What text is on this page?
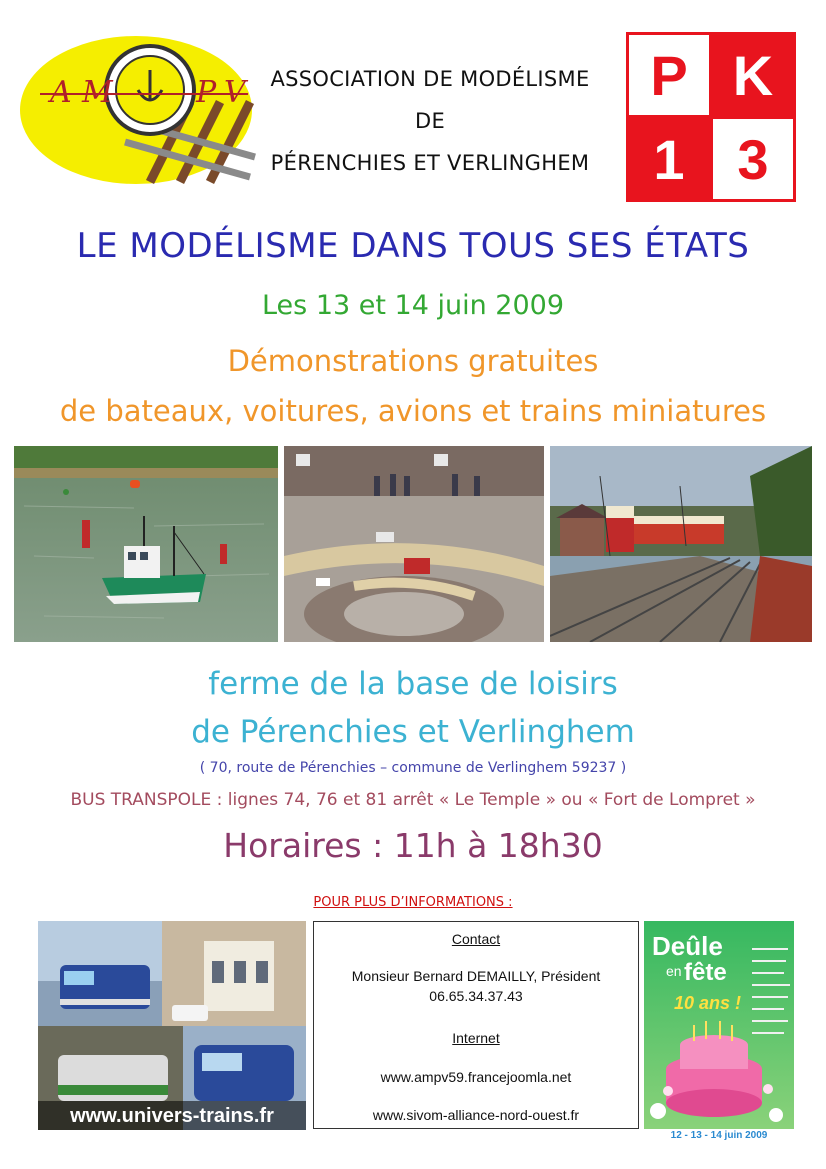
A M	P V	ASSOCIATION DE MODÉLISME
DE
PÉRENCHIES ET VERLINGHEM
P K
1 3
LE MODÉLISME DANS TOUS SES ÉTATS
Les 13 et 14 juin 2009
Démonstrations gratuites
de bateaux, voitures, avions et trains miniatures
ferme de la base de loisirs
de Pérenchies et Verlinghem
( 70, route de Pérenchies – commune de Verlinghem 59237 )
BUS TRANSPOLE : lignes 74, 76 et 81 arrêt « Le Temple » ou « Fort de Lompret »
Horaires : 11h à 18h30
POUR PLUS D’INFORMATIONS :
www.univers-trains.fr
Contact
Monsieur Bernard DEMAILLY, Président
06.65.34.37.43
Internet
www.ampv59.francejoomla.net
www.sivom-alliance-nord-ouest.fr
Deûle
en fête
10 ans !
12 - 13 - 14 juin 2009
